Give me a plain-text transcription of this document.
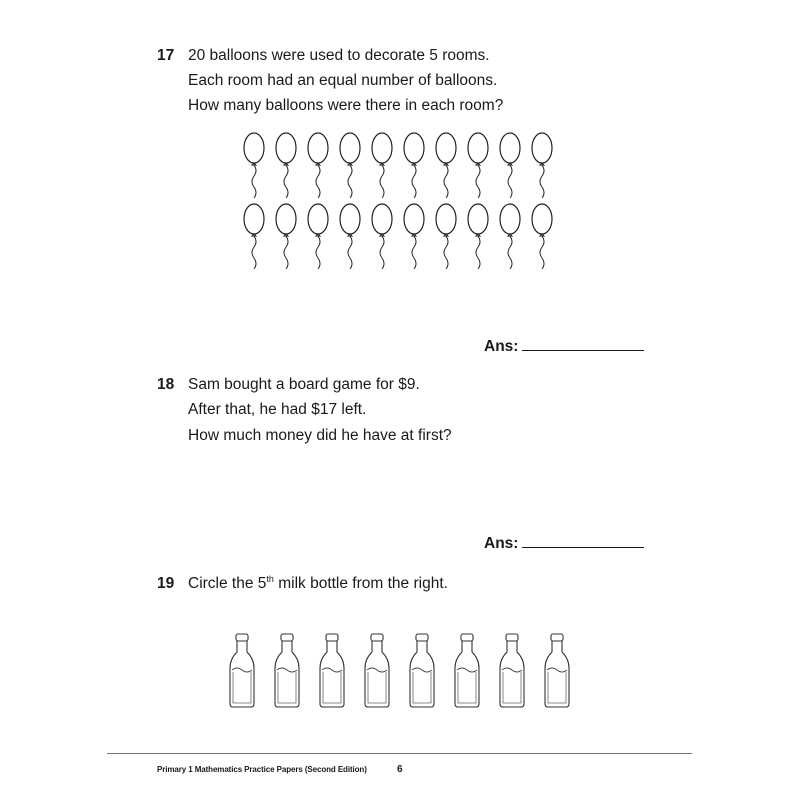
17 20 balloons were used to decorate 5 rooms.
Each room had an equal number of balloons.
How many balloons were there in each room?
Ans:
18 Sam bought a board game for $9.
After that, he had $17 left.
How much money did he have at first?
Ans:
19 Circle the 5th milk bottle from the right.
Primary 1 Mathematics Practice Papers (Second Edition)	6
